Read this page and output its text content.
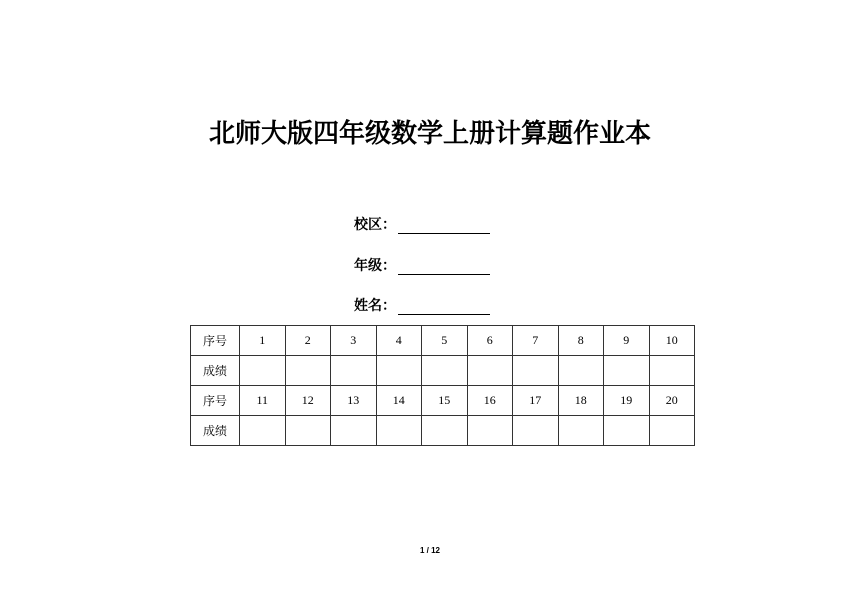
北师大版四年级数学上册计算题作业本
校区：
年级：
姓名：
序号	1	2	3	4	5	6	7	8	9	10
成绩										
序号	11	12	13	14	15	16	17	18	19	20
成绩										
1 / 12
